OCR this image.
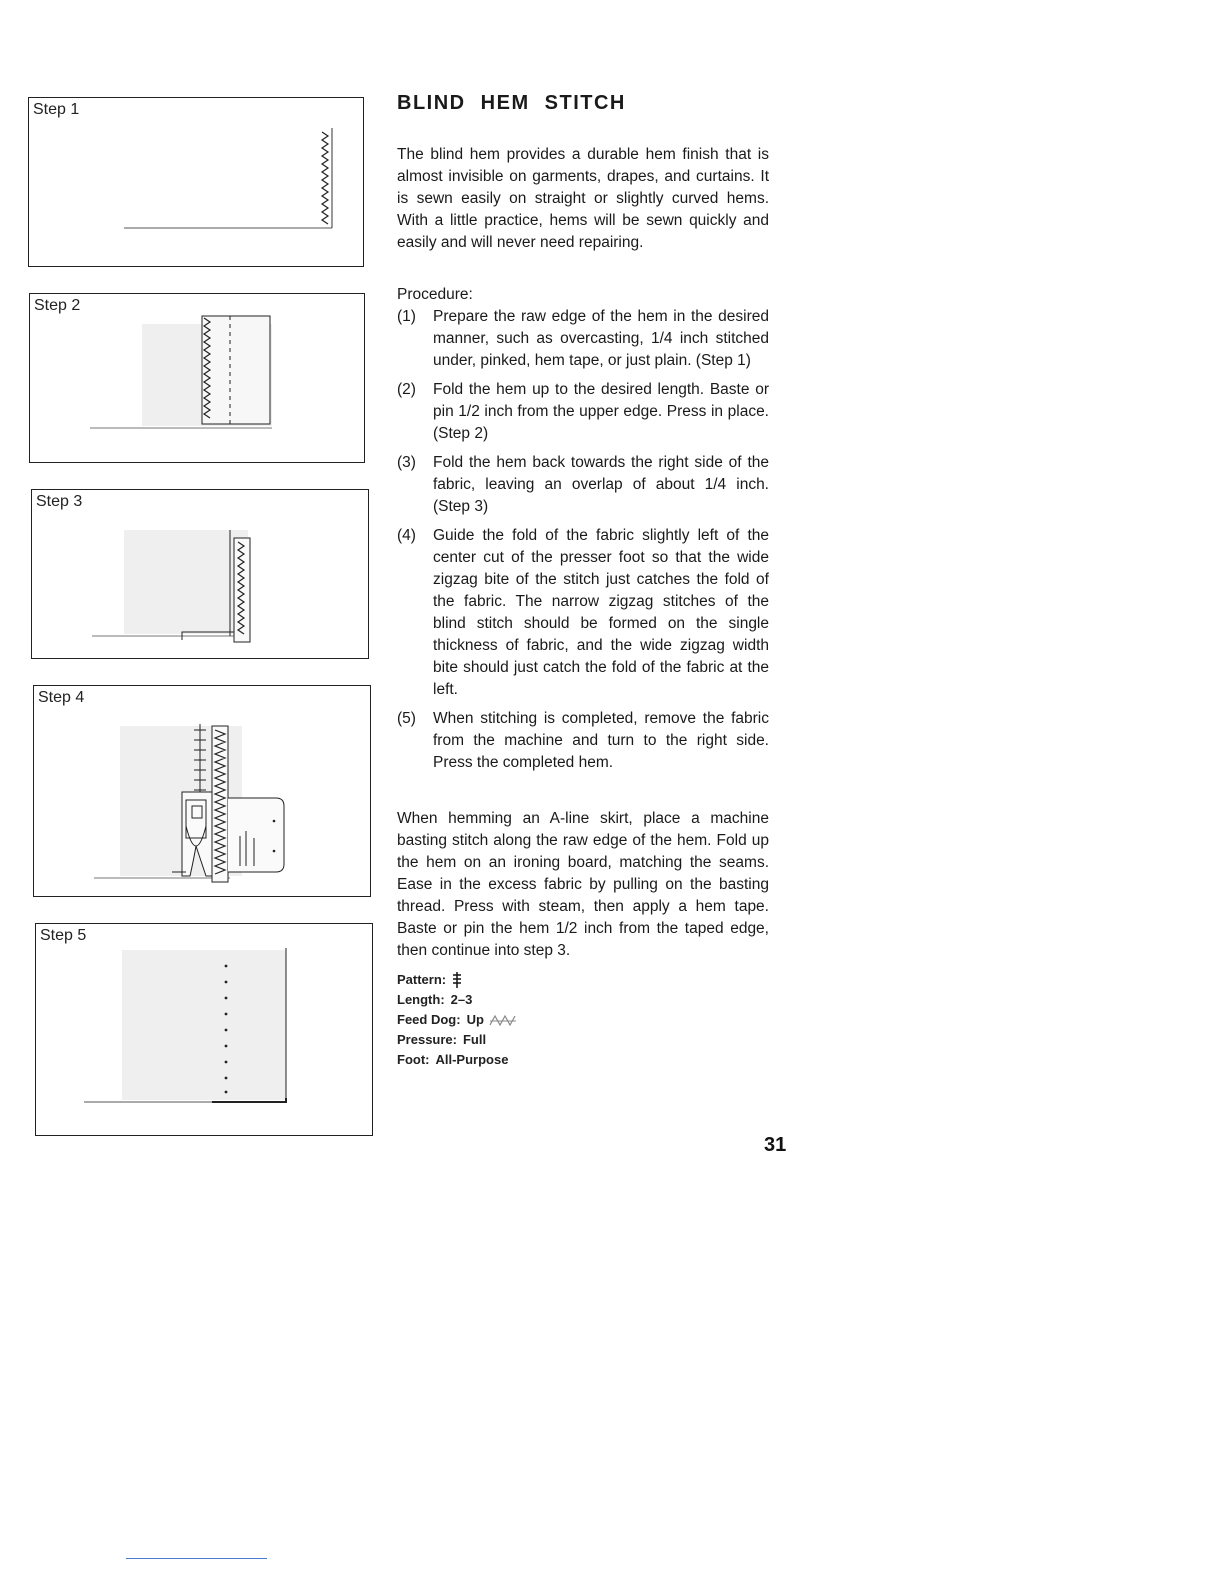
Step 1
Step 2
Step 3
Step 4
Step 5
BLIND HEM STITCH

The blind hem provides a durable hem finish that is almost invisible on garments, drapes, and curtains. It is sewn easily on straight or slightly curved hems. With a little practice, hems will be sewn quickly and easily and will never need repairing.

Procedure:

(1)	Prepare the raw edge of the hem in the desired manner, such as overcasting, 1/4 inch stitched under, pinked, hem tape, or just plain. (Step 1)
(2)	Fold the hem up to the desired length. Baste or pin 1/2 inch from the upper edge. Press in place. (Step 2)
(3)	Fold the hem back towards the right side of the fabric, leaving an overlap of about 1/4 inch. (Step 3)
(4)	Guide the fold of the fabric slightly left of the center cut of the presser foot so that the wide zigzag bite of the stitch just catches the fold of the fabric. The narrow zigzag stitches of the blind stitch should be formed on the single thickness of fabric, and the wide zigzag width bite should just catch the fold of the fabric at the left.
(5)	When stitching is completed, remove the fabric from the machine and turn to the right side. Press the completed hem.

When hemming an A-line skirt, place a machine basting stitch along the raw edge of the hem. Fold up the hem on an ironing board, matching the seams. Ease in the excess fabric by pulling on the basting thread. Press with steam, then apply a hem tape. Baste or pin the hem 1/2 inch from the taped edge, then continue into step 3.

Pattern:
Length: 2–3
Feed Dog: Up
Pressure: Full
Foot: All-Purpose
31
